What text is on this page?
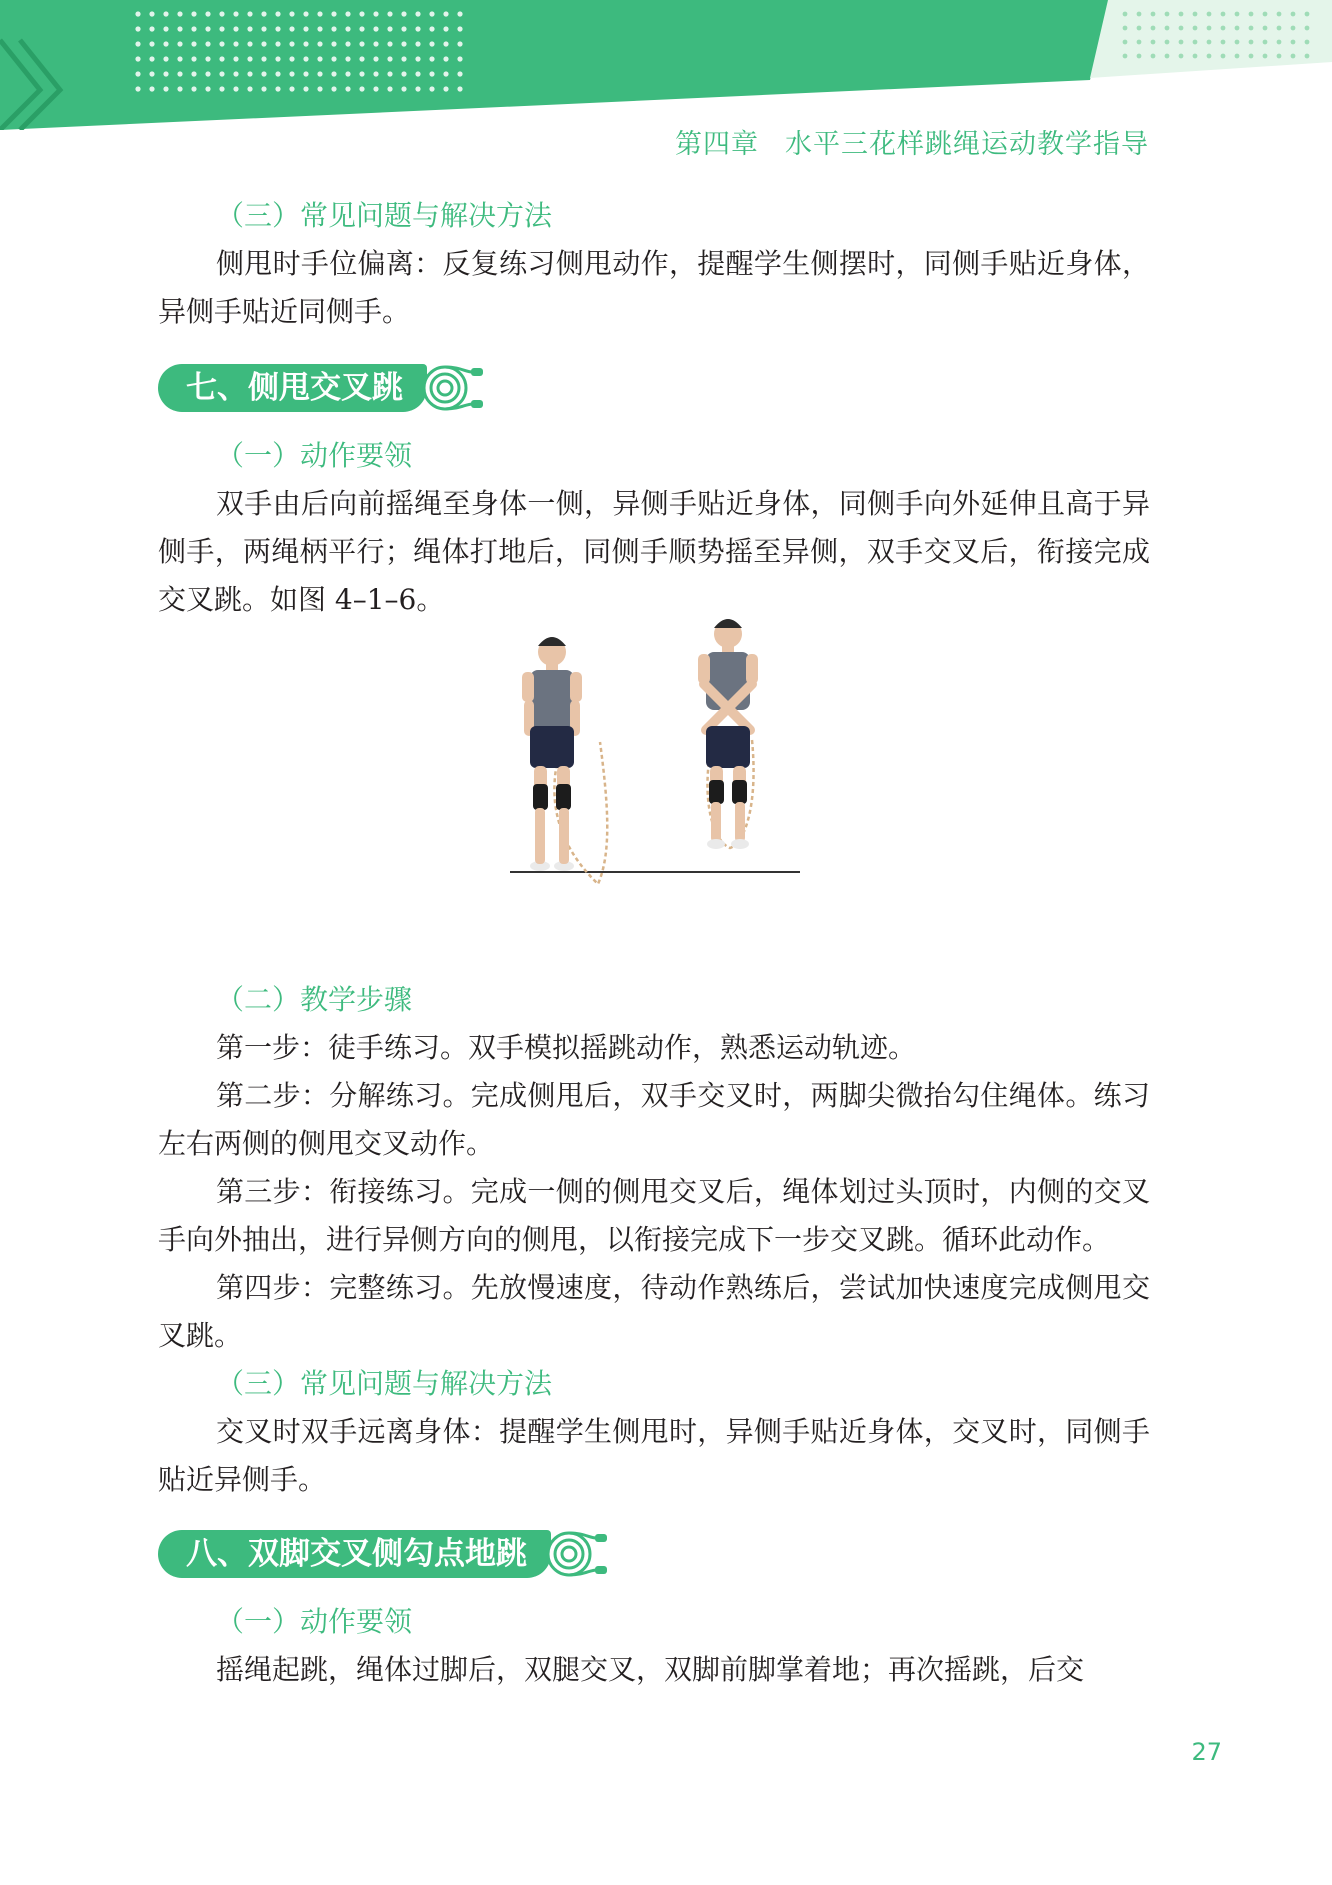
第四章 水平三花样跳绳运动教学指导

（三）常见问题与解决方法

侧甩时手位偏离：反复练习侧甩动作，提醒学生侧摆时，同侧手贴近身体，异侧手贴近同侧手。

七、侧甩交叉跳

（一）动作要领

双手由后向前摇绳至身体一侧，异侧手贴近身体，同侧手向外延伸且高于异侧手，两绳柄平行；绳体打地后，同侧手顺势摇至异侧，双手交叉后，衔接完成交叉跳。如图 4–1–6。

（二）教学步骤

第一步：徒手练习。双手模拟摇跳动作，熟悉运动轨迹。

第二步：分解练习。完成侧甩后，双手交叉时，两脚尖微抬勾住绳体。练习左右两侧的侧甩交叉动作。

第三步：衔接练习。完成一侧的侧甩交叉后，绳体划过头顶时，内侧的交叉手向外抽出，进行异侧方向的侧甩，以衔接完成下一步交叉跳。循环此动作。

第四步：完整练习。先放慢速度，待动作熟练后，尝试加快速度完成侧甩交叉跳。

（三）常见问题与解决方法

交叉时双手远离身体：提醒学生侧甩时，异侧手贴近身体，交叉时，同侧手贴近异侧手。

八、双脚交叉侧勾点地跳

（一）动作要领

摇绳起跳，绳体过脚后，双腿交叉，双脚前脚掌着地；再次摇跳，后交

27
